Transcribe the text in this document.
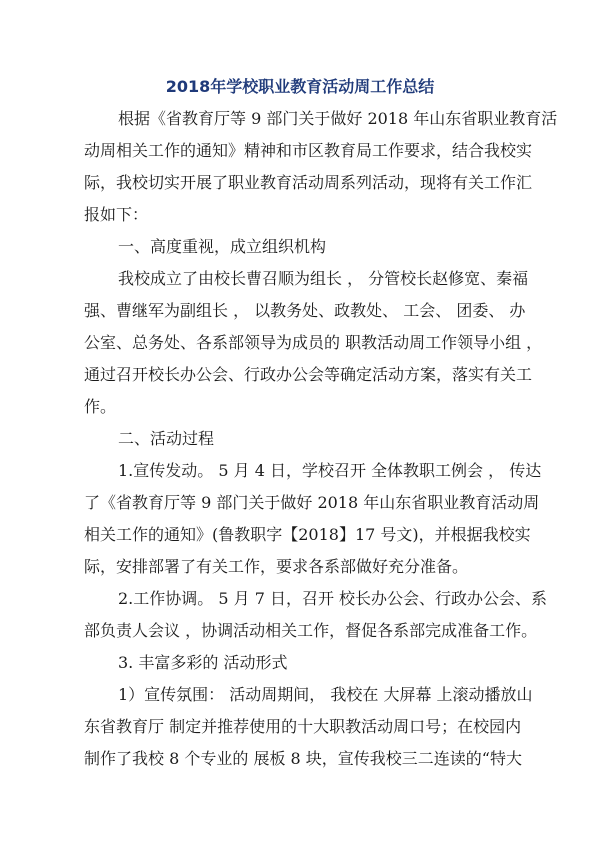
2018年学校职业教育活动周工作总结
根据《省教育厅等 9 部门关于做好 2018 年山东省职业教育活
动周相关工作的通知》精神和市区教育局工作要求，结合我校实
际，我校切实开展了职业教育活动周系列活动，现将有关工作汇
报如下：
一、高度重视，成立组织机构
我校成立了由校长曹召顺为组长 ， 分管校长赵修宽、秦福
强、曹继军为副组长 ， 以教务处、政教处、 工会、 团委、 办
公室、总务处、各系部领导为成员的 职教活动周工作领导小组 ，
通过召开校长办公会、行政办公会等确定活动方案，落实有关工
作。
二、活动过程
1.宣传发动。 5 月 4 日，学校召开 全体教职工例会 ， 传达
了《省教育厅等 9 部门关于做好 2018 年山东省职业教育活动周
相关工作的通知》(鲁教职字【2018】17 号文)，并根据我校实
际，安排部署了有关工作，要求各系部做好充分准备。
2.工作协调。 5 月 7 日，召开 校长办公会、行政办公会、系
部负责人会议 ，协调活动相关工作，督促各系部完成准备工作。
3. 丰富多彩的 活动形式
1）宣传氛围： 活动周期间， 我校在 大屏幕 上滚动播放山
东省教育厅 制定并推荐使用的十大职教活动周口号；在校园内
制作了我校 8 个专业的 展板 8 块，宣传我校三二连读的“特大
